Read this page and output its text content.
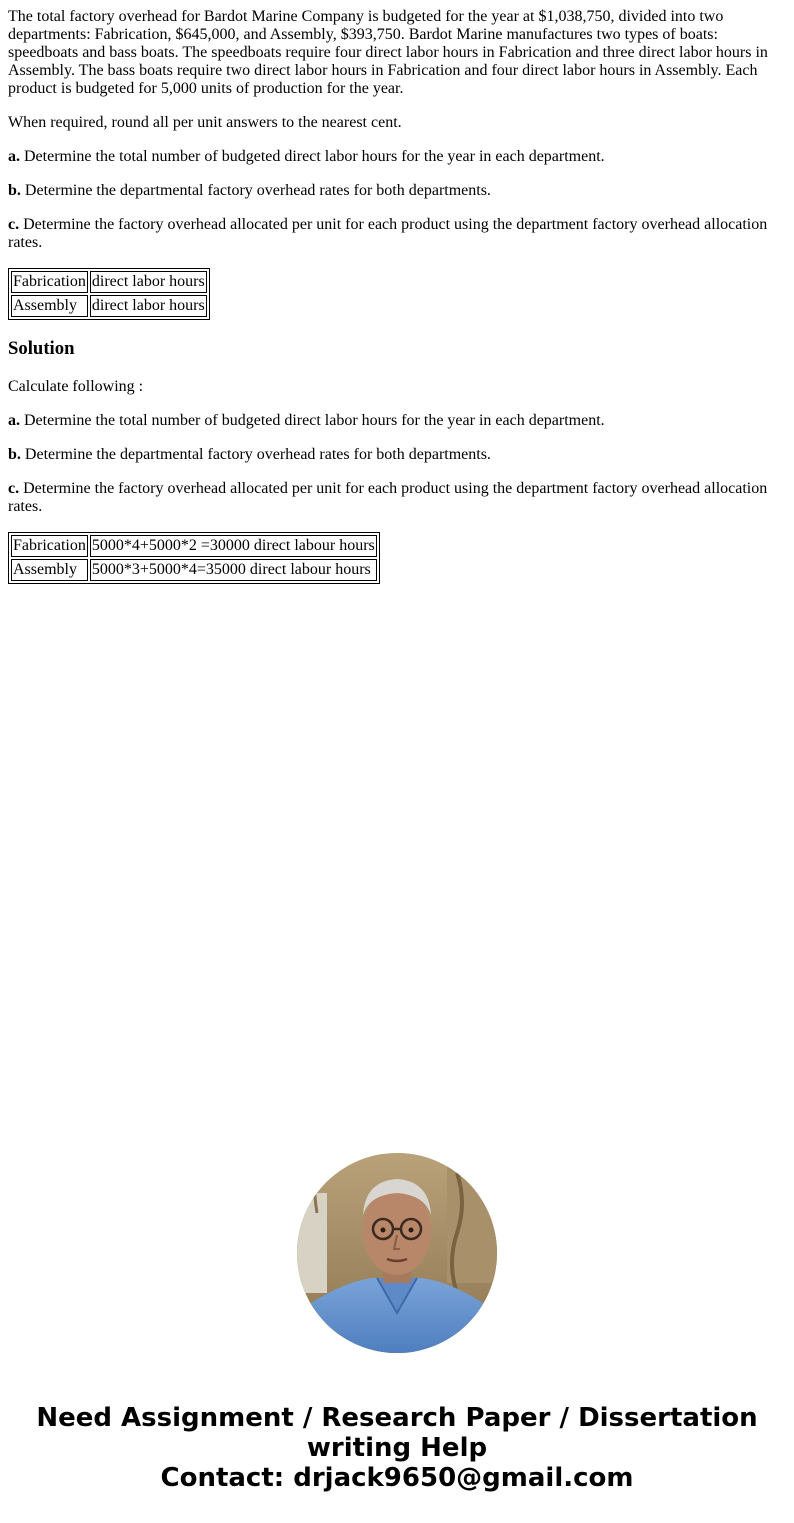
The total factory overhead for Bardot Marine Company is budgeted for the year at $1,038,750, divided into two departments: Fabrication, $645,000, and Assembly, $393,750. Bardot Marine manufactures two types of boats: speedboats and bass boats. The speedboats require four direct labor hours in Fabrication and three direct labor hours in Assembly. The bass boats require two direct labor hours in Fabrication and four direct labor hours in Assembly. Each product is budgeted for 5,000 units of production for the year.

When required, round all per unit answers to the nearest cent.

a. Determine the total number of budgeted direct labor hours for the year in each department.

b. Determine the departmental factory overhead rates for both departments.

c. Determine the factory overhead allocated per unit for each product using the department factory overhead allocation rates.

Fabrication	direct labor hours
Assembly	direct labor hours
Solution

Calculate following :

a. Determine the total number of budgeted direct labor hours for the year in each department.

b. Determine the departmental factory overhead rates for both departments.

c. Determine the factory overhead allocated per unit for each product using the department factory overhead allocation rates.

Fabrication	5000*4+5000*2 =30000 direct labour hours
Assembly	5000*3+5000*4=35000 direct labour hours
Need Assignment / Research Paper / Dissertation
writing Help
Contact: drjack9650@gmail.com
